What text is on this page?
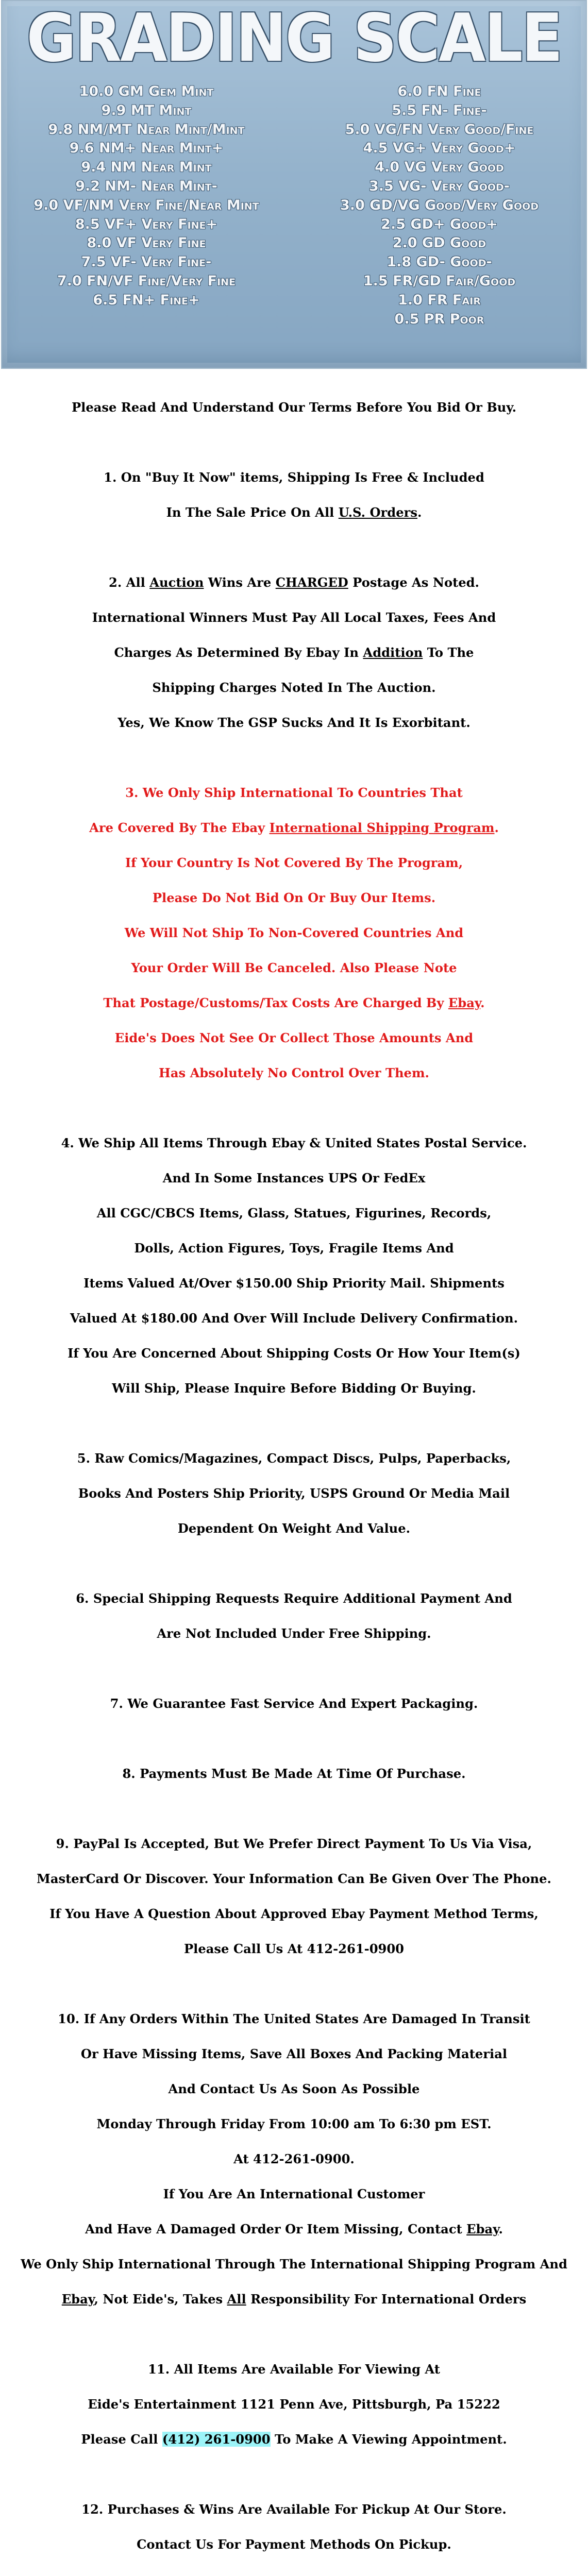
GRADING SCALE
10.0 GM Gem Mint
9.9 MT Mint
9.8 NM/MT Near Mint/Mint
9.6 NM+ Near Mint+
9.4 NM Near Mint
9.2 NM- Near Mint-
9.0 VF/NM Very Fine/Near Mint
8.5 VF+ Very Fine+
8.0 VF Very Fine
7.5 VF- Very Fine-
7.0 FN/VF Fine/Very Fine
6.5 FN+ Fine+
6.0 FN Fine
5.5 FN- Fine-
5.0 VG/FN Very Good/Fine
4.5 VG+ Very Good+
4.0 VG Very Good
3.5 VG- Very Good-
3.0 GD/VG Good/Very Good
2.5 GD+ Good+
2.0 GD Good
1.8 GD- Good-
1.5 FR/GD Fair/Good
1.0 FR Fair
0.5 PR Poor

Please Read And Understand Our Terms Before You Bid Or Buy.

1. On "Buy It Now" items, Shipping Is Free & Included

In The Sale Price On All U.S. Orders.

2. All Auction Wins Are CHARGED Postage As Noted.

International Winners Must Pay All Local Taxes, Fees And

Charges As Determined By Ebay In Addition To The

Shipping Charges Noted In The Auction.

Yes, We Know The GSP Sucks And It Is Exorbitant.

3. We Only Ship International To Countries That

Are Covered By The Ebay International Shipping Program.

If Your Country Is Not Covered By The Program,

Please Do Not Bid On Or Buy Our Items.

We Will Not Ship To Non-Covered Countries And

Your Order Will Be Canceled. Also Please Note

That Postage/Customs/Tax Costs Are Charged By Ebay.

Eide's Does Not See Or Collect Those Amounts And

Has Absolutely No Control Over Them.

4. We Ship All Items Through Ebay & United States Postal Service.

And In Some Instances UPS Or FedEx

All CGC/CBCS Items, Glass, Statues, Figurines, Records,

Dolls, Action Figures, Toys, Fragile Items And

Items Valued At/Over $150.00 Ship Priority Mail. Shipments

Valued At $180.00 And Over Will Include Delivery Confirmation.

If You Are Concerned About Shipping Costs Or How Your Item(s)

Will Ship, Please Inquire Before Bidding Or Buying.

5. Raw Comics/Magazines, Compact Discs, Pulps, Paperbacks,

Books And Posters Ship Priority, USPS Ground Or Media Mail

Dependent On Weight And Value.

6. Special Shipping Requests Require Additional Payment And

Are Not Included Under Free Shipping.

7. We Guarantee Fast Service And Expert Packaging.

8. Payments Must Be Made At Time Of Purchase.

9. PayPal Is Accepted, But We Prefer Direct Payment To Us Via Visa,

MasterCard Or Discover. Your Information Can Be Given Over The Phone.

If You Have A Question About Approved Ebay Payment Method Terms,

Please Call Us At 412-261-0900

10. If Any Orders Within The United States Are Damaged In Transit

Or Have Missing Items, Save All Boxes And Packing Material

And Contact Us As Soon As Possible

Monday Through Friday From 10:00 am To 6:30 pm EST.

At 412-261-0900.

If You Are An International Customer

And Have A Damaged Order Or Item Missing, Contact Ebay.

We Only Ship International Through The International Shipping Program And

Ebay, Not Eide's, Takes All Responsibility For International Orders

11. All Items Are Available For Viewing At

Eide's Entertainment 1121 Penn Ave, Pittsburgh, Pa 15222

Please Call (412) 261-0900 To Make A Viewing Appointment.

12. Purchases & Wins Are Available For Pickup At Our Store.

Contact Us For Payment Methods On Pickup.
